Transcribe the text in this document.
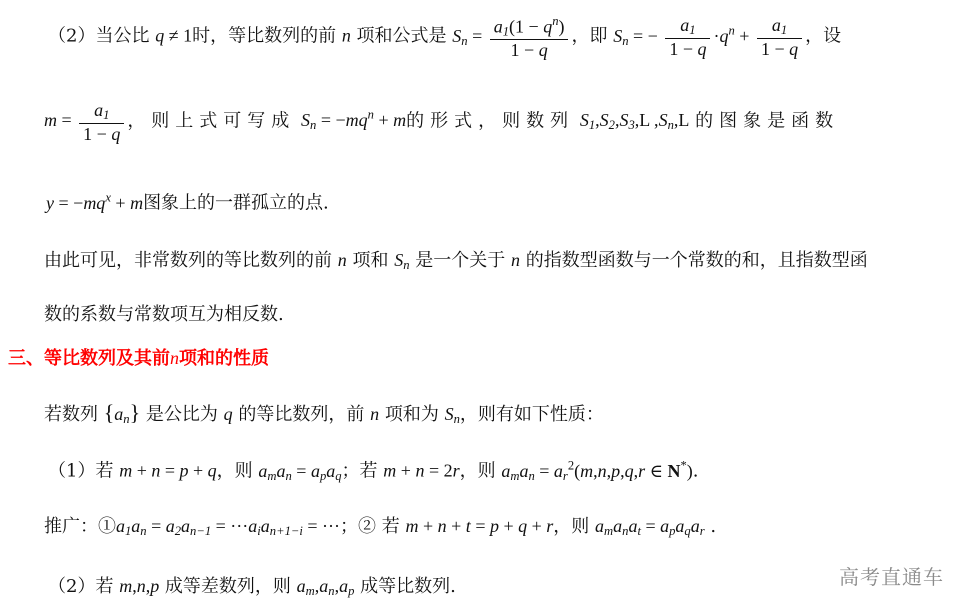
（2）当公比 q ≠ 1时，等比数列的前 n 项和公式是 $S_n = \frac{a_1(1 - q^n)}{1 - q}$ ，即 $S_n$ = − $\frac{a_1}{1 - q} \cdot q^n + \frac{a_1}{1 - q}$ ，设
$m = \frac{a_1}{1 - q}$ ，则上式可写成 $S_n = -mq^n + m$的形式，则数列 $S_1,S_2,S_3,L$ $,S_n,L$ 的图象是函数
$y = -mq^x + m$图象上的一群孤立的点.
由此可见，非常数列的等比数列的前 n 项和 $S_n$ 是一个关于 n 的指数型函数与一个常数的和，且指数型函
数的系数与常数项互为相反数.
三、等比数列及其前n项和的性质
若数列 $\{a_n\}$ 是公比为 q 的等比数列，前 n 项和为 $S_n$，则有如下性质：
（1）若 m + n = p + q，则 $a_ma_n = a_pa_q$；若 m + n = 2r，则 $a_ma_n = a_r^2(m,n,p,q,r$ ∈ N*).
推广：$①a_1a_n = a_2a_{n-1} = \cdot\cdot\cdot a_ia_{n+1-i}$ = ···；② 若 m + n + t = p + q + r，则 $a_ma_na_t = a_pa_qa_r$ .
（2）若 m,n,p 成等差数列，则 $a_m,a_n,a_p$ 成等比数列.	高考直通车
